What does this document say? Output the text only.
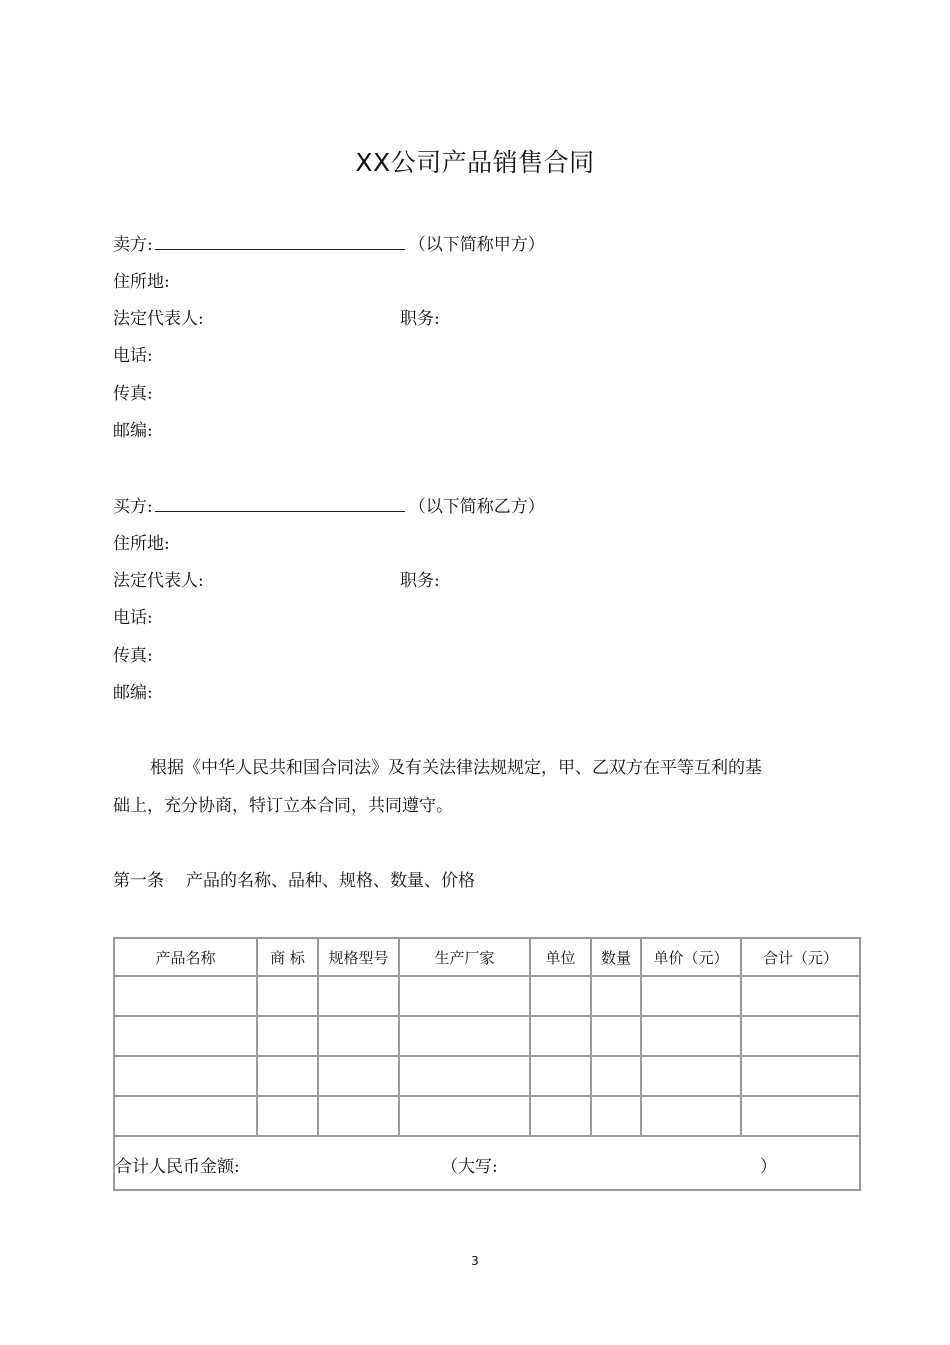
XX公司产品销售合同
卖方:	（以下简称甲方）
住所地:
法定代表人:	职务:
电话:
传真:
邮编:
买方:	（以下简称乙方）
住所地:
法定代表人:	职务:
电话:
传真:
邮编:

根据《中华人民共和国合同法》及有关法律法规规定，甲、乙双方在平等互利的基

础上，充分协商，特订立本合同，共同遵守。

第一条 产品的名称、品种、规格、数量、价格
产品名称	商 标	规格型号	生产厂家	单位	数量	单价（元）	合计（元）

合计人民币金额: （大写: ）							
3
